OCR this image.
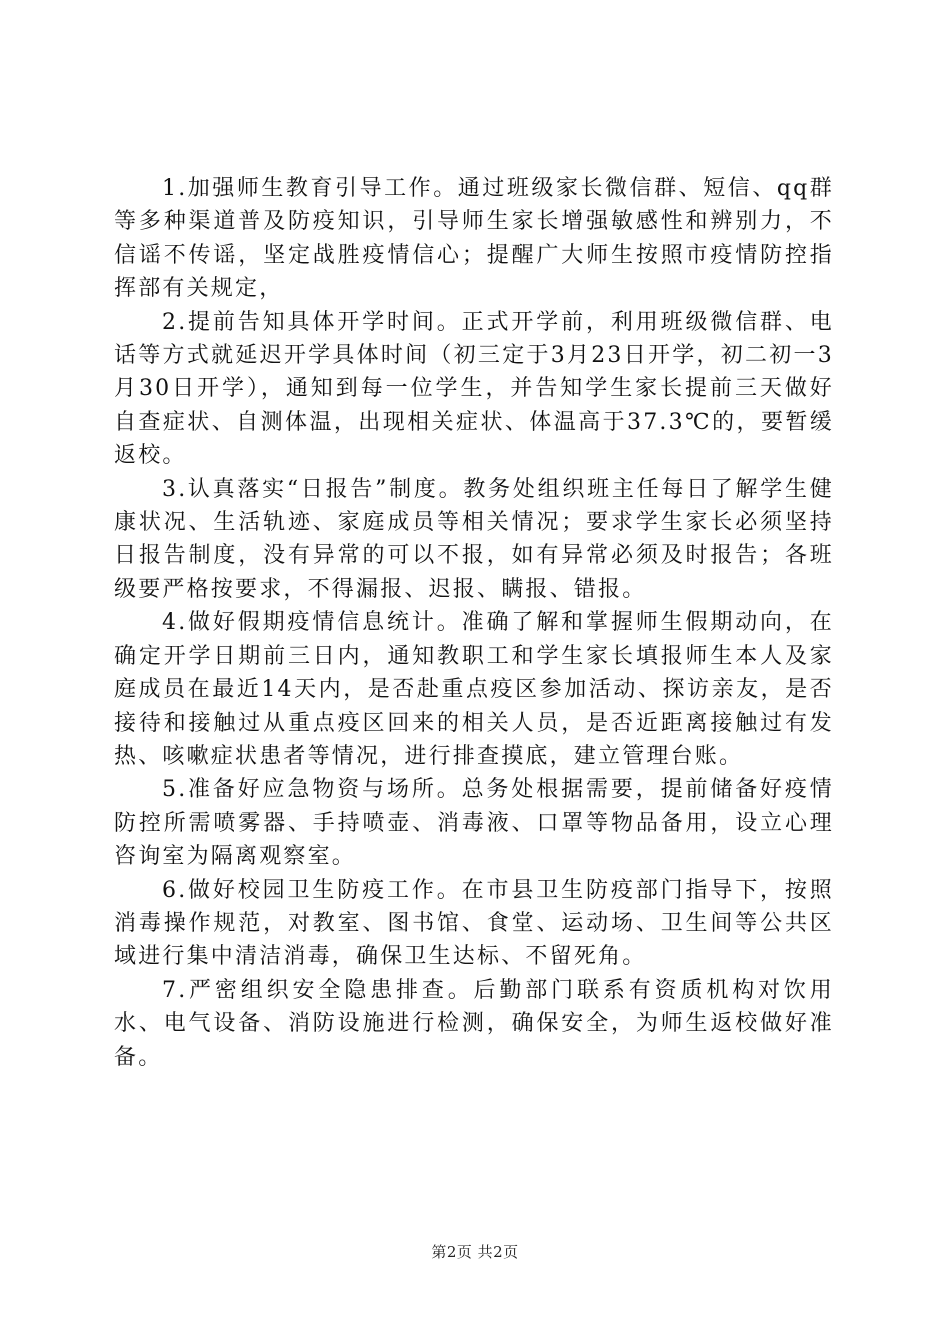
1.加强师生教育引导工作。通过班级家长微信群、短信、qq群等多种渠道普及防疫知识，引导师生家长增强敏感性和辨别力，不信谣不传谣，坚定战胜疫情信心；提醒广大师生按照市疫情防控指挥部有关规定，

2.提前告知具体开学时间。正式开学前，利用班级微信群、电话等方式就延迟开学具体时间（初三定于3月23日开学，初二初一3月30日开学），通知到每一位学生，并告知学生家长提前三天做好自查症状、自测体温，出现相关症状、体温高于37.3℃的，要暂缓返校。

3.认真落实“日报告”制度。教务处组织班主任每日了解学生健康状况、生活轨迹、家庭成员等相关情况；要求学生家长必须坚持日报告制度，没有异常的可以不报，如有异常必须及时报告；各班级要严格按要求，不得漏报、迟报、瞒报、错报。

4.做好假期疫情信息统计。准确了解和掌握师生假期动向，在确定开学日期前三日内，通知教职工和学生家长填报师生本人及家庭成员在最近14天内，是否赴重点疫区参加活动、探访亲友，是否接待和接触过从重点疫区回来的相关人员，是否近距离接触过有发热、咳嗽症状患者等情况，进行排查摸底，建立管理台账。

5.准备好应急物资与场所。总务处根据需要，提前储备好疫情防控所需喷雾器、手持喷壶、消毒液、口罩等物品备用，设立心理咨询室为隔离观察室。

6.做好校园卫生防疫工作。在市县卫生防疫部门指导下，按照消毒操作规范，对教室、图书馆、食堂、运动场、卫生间等公共区域进行集中清洁消毒，确保卫生达标、不留死角。

7.严密组织安全隐患排查。后勤部门联系有资质机构对饮用水、电气设备、消防设施进行检测，确保安全，为师生返校做好准备。

第2页 共2页
